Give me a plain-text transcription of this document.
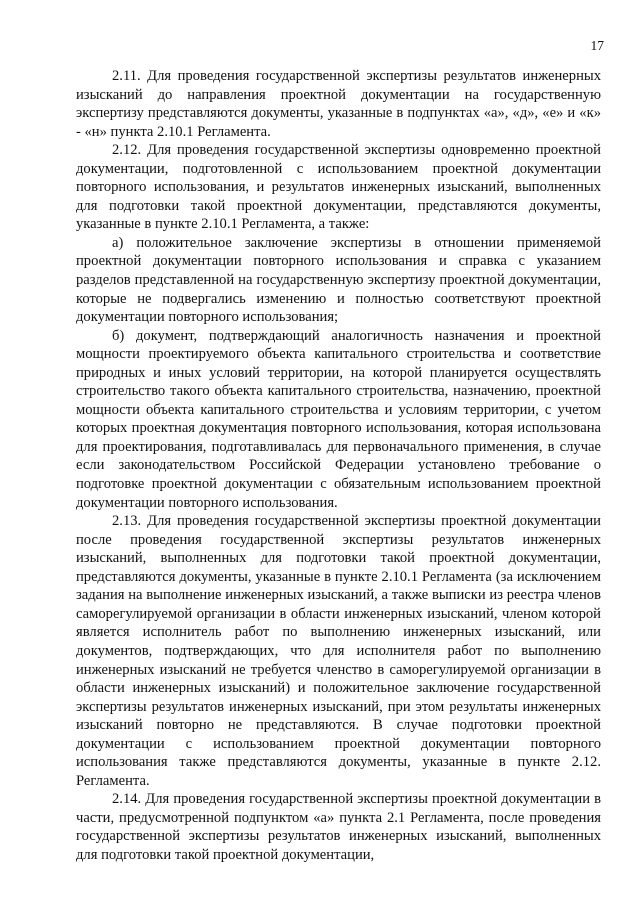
17

2.11. Для проведения государственной экспертизы результатов инженерных изысканий до направления проектной документации на государственную экспертизу представляются документы, указанные в подпунктах «а», «д», «е» и «к» - «н» пункта 2.10.1 Регламента.

2.12. Для проведения государственной экспертизы одновременно проектной документации, подготовленной с использованием проектной документации повторного использования, и результатов инженерных изысканий, выполненных для подготовки такой проектной документации, представляются документы, указанные в пункте 2.10.1 Регламента, а также:

а) положительное заключение экспертизы в отношении применяемой проектной документации повторного использования и справка с указанием разделов представленной на государственную экспертизу проектной документации, которые не подвергались изменению и полностью соответствуют проектной документации повторного использования;

б) документ, подтверждающий аналогичность назначения и проектной мощности проектируемого объекта капитального строительства и соответствие природных и иных условий территории, на которой планируется осуществлять строительство такого объекта капитального строительства, назначению, проектной мощности объекта капитального строительства и условиям территории, с учетом которых проектная документация повторного использования, которая использована для проектирования, подготавливалась для первоначального применения, в случае если законодательством Российской Федерации установлено требование о подготовке проектной документации с обязательным использованием проектной документации повторного использования.

2.13. Для проведения государственной экспертизы проектной документации после проведения государственной экспертизы результатов инженерных изысканий, выполненных для подготовки такой проектной документации, представляются документы, указанные в пункте 2.10.1 Регламента (за исключением задания на выполнение инженерных изысканий, а также выписки из реестра членов саморегулируемой организации в области инженерных изысканий, членом которой является исполнитель работ по выполнению инженерных изысканий, или документов, подтверждающих, что для исполнителя работ по выполнению инженерных изысканий не требуется членство в саморегулируемой организации в области инженерных изысканий) и положительное заключение государственной экспертизы результатов инженерных изысканий, при этом результаты инженерных изысканий повторно не представляются. В случае подготовки проектной документации с использованием проектной документации повторного использования также представляются документы, указанные в пункте 2.12. Регламента.

2.14. Для проведения государственной экспертизы проектной документации в части, предусмотренной подпунктом «а» пункта 2.1 Регламента, после проведения государственной экспертизы результатов инженерных изысканий, выполненных для подготовки такой проектной документации,
